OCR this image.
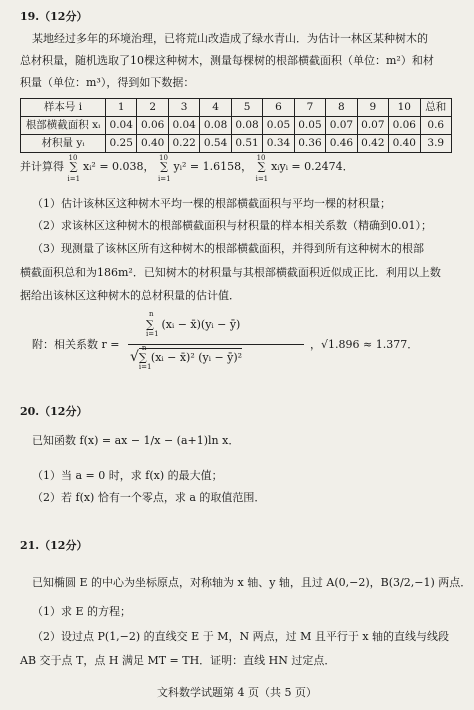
19.（12分）
某地经过多年的环境治理，已将荒山改造成了绿水青山．为估计一林区某种树木的
总材积量，随机选取了10棵这种树木，测量每棵树的根部横截面积（单位：m²）和材
积量（单位：m³），得到如下数据：
样本号 i	1	2	3	4	5	6	7	8	9	10	总和
根部横截面积 xᵢ	0.04	0.06	0.04	0.08	0.08	0.05	0.05	0.07	0.07	0.06	0.6
材积量 yᵢ	0.25	0.40	0.22	0.54	0.51	0.34	0.36	0.46	0.42	0.40	3.9
并计算得
10
∑
i=1
xᵢ² = 0.038，
10
∑
i=1
yᵢ² = 1.6158，
10
∑
i=1
xᵢyᵢ = 0.2474．
（1）估计该林区这种树木平均一棵的根部横截面积与平均一棵的材积量；
（2）求该林区这种树木的根部横截面积与材积量的样本相关系数（精确到0.01）；
（3）现测量了该林区所有这种树木的根部横截面积，并得到所有这种树木的根部
横截面积总和为186m²．已知树木的材积量与其根部横截面积近似成正比．利用以上数
据给出该林区这种树木的总材积量的估计值．
附：相关系数 r =
n
∑
i=1
(xᵢ − x̄)(yᵢ − ȳ)
√
n
∑
i=1
(xᵢ − x̄)² (yᵢ − ȳ)²
，√1.896 ≈ 1.377．
20.（12分）
已知函数 f(x) = ax − 1/x − (a+1)ln x．
（1）当 a = 0 时，求 f(x) 的最大值；
（2）若 f(x) 恰有一个零点，求 a 的取值范围．
21.（12分）
已知椭圆 E 的中心为坐标原点，对称轴为 x 轴、y 轴，且过 A(0,−2)，B(3/2,−1) 两点．
（1）求 E 的方程；
（2）设过点 P(1,−2) 的直线交 E 于 M，N 两点，过 M 且平行于 x 轴的直线与线段
AB 交于点 T，点 H 满足 MT = TH．证明：直线 HN 过定点．
文科数学试题第 4 页（共 5 页）
